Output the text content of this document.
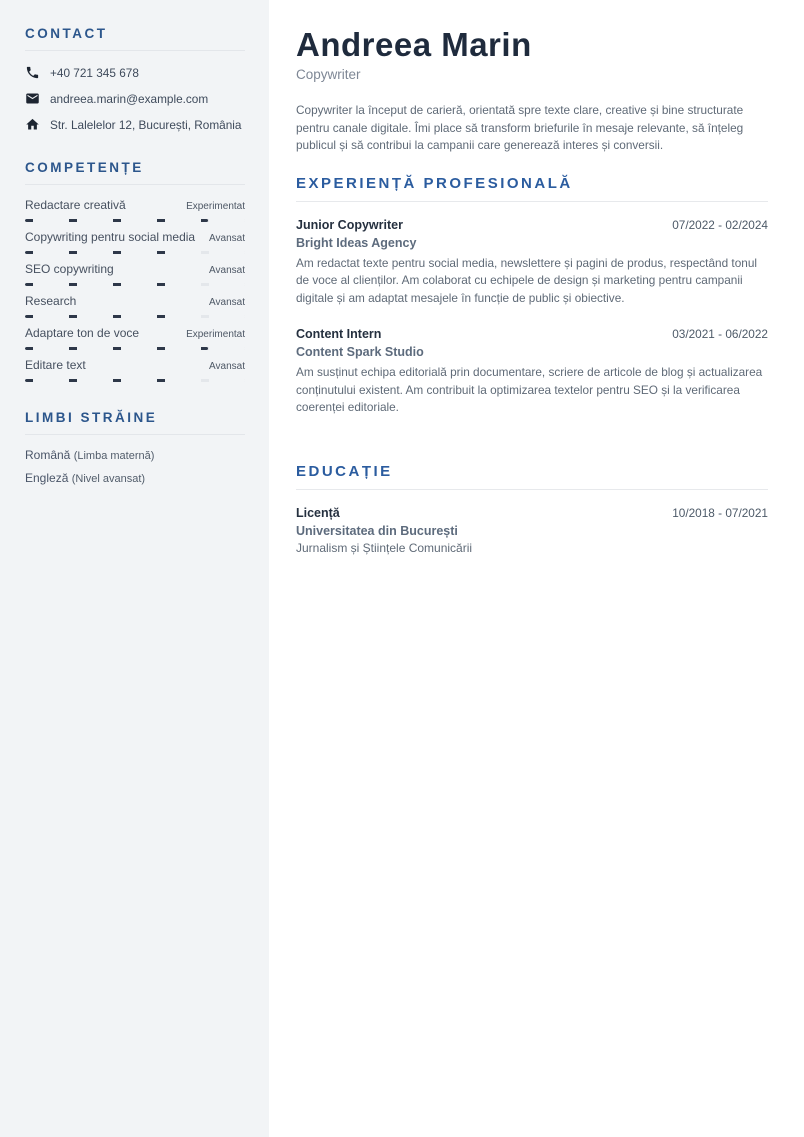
CONTACT
+40 721 345 678
andreea.marin@example.com
Str. Lalelelor 12, București, România
COMPETENȚE
Redactare creativă	Experimentat
Copywriting pentru social media Avansat
SEO copywriting	Avansat
Research	Avansat
Adaptare ton de voce	Experimentat
Editare text	Avansat
LIMBI STRĂINE
Română (Limba maternă)
Engleză (Nivel avansat)
Andreea Marin
Copywriter

Copywriter la început de carieră, orientată spre texte clare, creative și bine structurate pentru canale digitale. Îmi place să transform briefurile în mesaje relevante, să înțeleg publicul și să contribui la campanii care generează interes și conversii.

EXPERIENȚĂ PROFESIONALĂ
Junior Copywriter	07/2022 - 02/2024
Bright Ideas Agency

Am redactat texte pentru social media, newslettere și pagini de produs, respectând tonul de voce al clienților. Am colaborat cu echipele de design și marketing pentru campanii digitale și am adaptat mesajele în funcție de public și obiective.

Content Intern	03/2021 - 06/2022
Content Spark Studio

Am susținut echipa editorială prin documentare, scriere de articole de blog și actualizarea conținutului existent. Am contribuit la optimizarea textelor pentru SEO și la verificarea coerenței editoriale.

EDUCAȚIE
Licență	10/2018 - 07/2021
Universitatea din București
Jurnalism și Științele Comunicării
